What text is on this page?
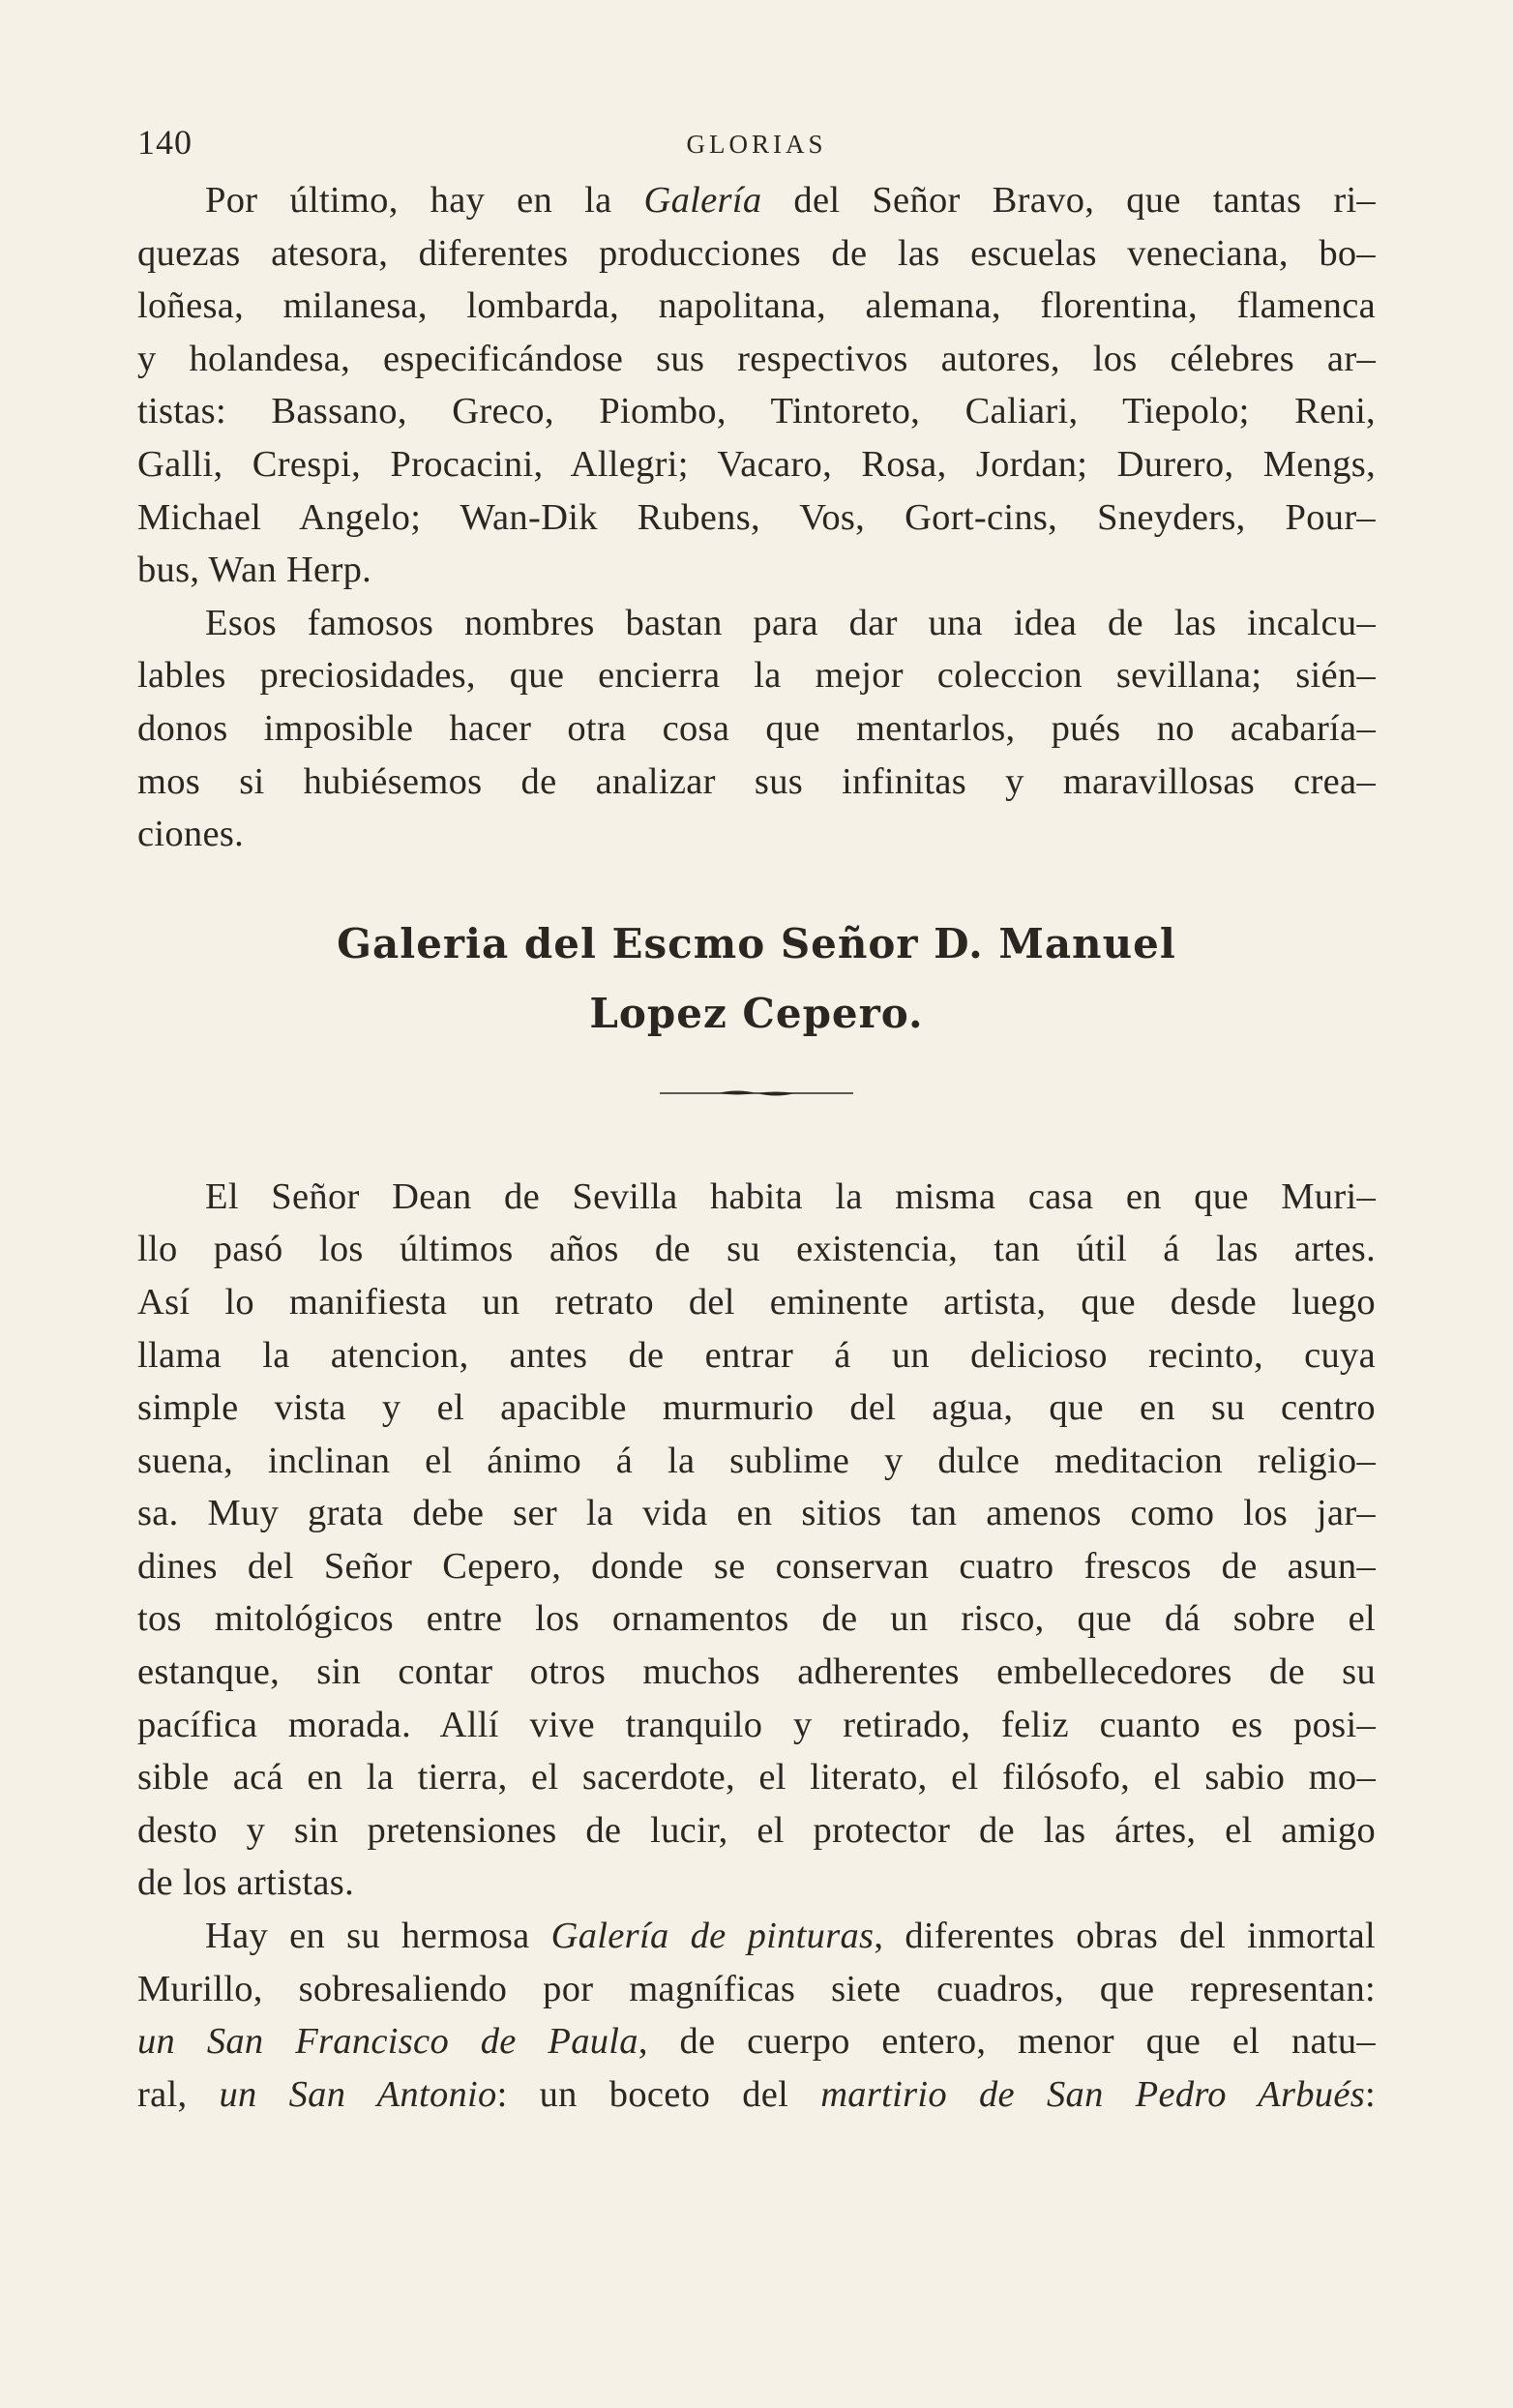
140	GLORIAS

Por último, hay en la Galería del Señor Bravo, que tantas ri–
quezas atesora, diferentes producciones de las escuelas veneciana, bo–
loñesa, milanesa, lombarda, napolitana, alemana, florentina, flamenca
y holandesa, especificándose sus respectivos autores, los célebres ar–
tistas: Bassano, Greco, Piombo, Tintoreto, Caliari, Tiepolo; Reni,
Galli, Crespi, Procacini, Allegri; Vacaro, Rosa, Jordan; Durero, Mengs,
Michael Angelo; Wan-Dik Rubens, Vos, Gort-cins, Sneyders, Pour–
bus, Wan Herp.

Esos famosos nombres bastan para dar una idea de las incalcu–
lables preciosidades, que encierra la mejor coleccion sevillana; sién–
donos imposible hacer otra cosa que mentarlos, pués no acabaría–
mos si hubiésemos de analizar sus infinitas y maravillosas crea–
ciones.

Galeria del Escmo Señor D. Manuel
Lopez Cepero.

El Señor Dean de Sevilla habita la misma casa en que Muri–
llo pasó los últimos años de su existencia, tan útil á las artes.
Así lo manifiesta un retrato del eminente artista, que desde luego
llama la atencion, antes de entrar á un delicioso recinto, cuya
simple vista y el apacible murmurio del agua, que en su centro
suena, inclinan el ánimo á la sublime y dulce meditacion religio–
sa. Muy grata debe ser la vida en sitios tan amenos como los jar–
dines del Señor Cepero, donde se conservan cuatro frescos de asun–
tos mitológicos entre los ornamentos de un risco, que dá sobre el
estanque, sin contar otros muchos adherentes embellecedores de su
pacífica morada. Allí vive tranquilo y retirado, feliz cuanto es posi–
sible acá en la tierra, el sacerdote, el literato, el filósofo, el sabio mo–
desto y sin pretensiones de lucir, el protector de las ártes, el amigo
de los artistas.

Hay en su hermosa Galería de pinturas, diferentes obras del inmortal
Murillo, sobresaliendo por magníficas siete cuadros, que representan:
un San Francisco de Paula, de cuerpo entero, menor que el natu–
ral, un San Antonio: un boceto del martirio de San Pedro Arbués:
